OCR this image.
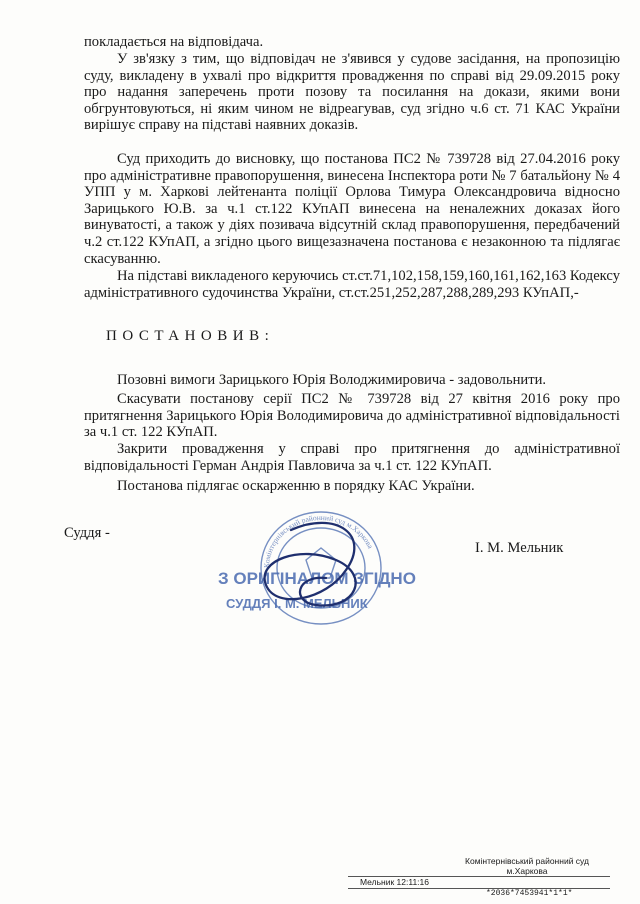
покладається на відповідача.

У зв'язку з тим, що відповідач не з'явився у судове засідання, на пропозицію суду, викладену в ухвалі про відкриття провадження по справі від 29.09.2015 року про надання заперечень проти позову та посилання на докази, якими вони обгрунтовуються, ні яким чином не відреагував, суд згідно ч.6 ст. 71 КАС України вирішує справу на підставі наявних доказів.

Суд приходить до висновку, що постанова ПС2 № 739728 від 27.04.2016 року про адміністративне правопорушення, винесена Інспектора роти № 7 батальйону № 4 УПП у м. Харкові лейтенанта поліції Орлова Тимура Олександровича відносно Зарицького Ю.В. за ч.1 ст.122 КУпАП винесена на неналежних доказах його винуватості, а також у діях позивача відсутній склад правопорушення, передбачений ч.2 ст.122 КУпАП, а згідно цього вищезазначена постанова є незаконною та підлягає скасуванню.

На підставі викладеного керуючись ст.ст.71,102,158,159,160,161,162,163 Кодексу адміністративного судочинства України, ст.ст.251,252,287,288,289,293 КУпАП,-

ПОСТАНОВИВ:

Позовні вимоги Зарицького Юрія Володжимировича - задовольнити.

Скасувати постанову серії ПС2 № 739728 від 27 квітня 2016 року про притягнення Зарицького Юрія Володимировича до адміністративної відповідальності за ч.1 ст. 122 КУпАП.

Закрити провадження у справі про притягнення до адміністративної відповідальності Герман Андрія Павловича за ч.1 ст. 122 КУпАП.

Постанова підлягає оскарженню в порядку КАС України.

Суддя -
І. М. Мельник
Комінтернівський районний суд м.Харкова
З ОРИГІНАЛОМ ЗГІДНО
СУДДЯ І. М. МЕЛЬНИК
Комінтернівський районний суд
м.Харкова
Мельник 12:11:16
*2036*7453941*1*1*
